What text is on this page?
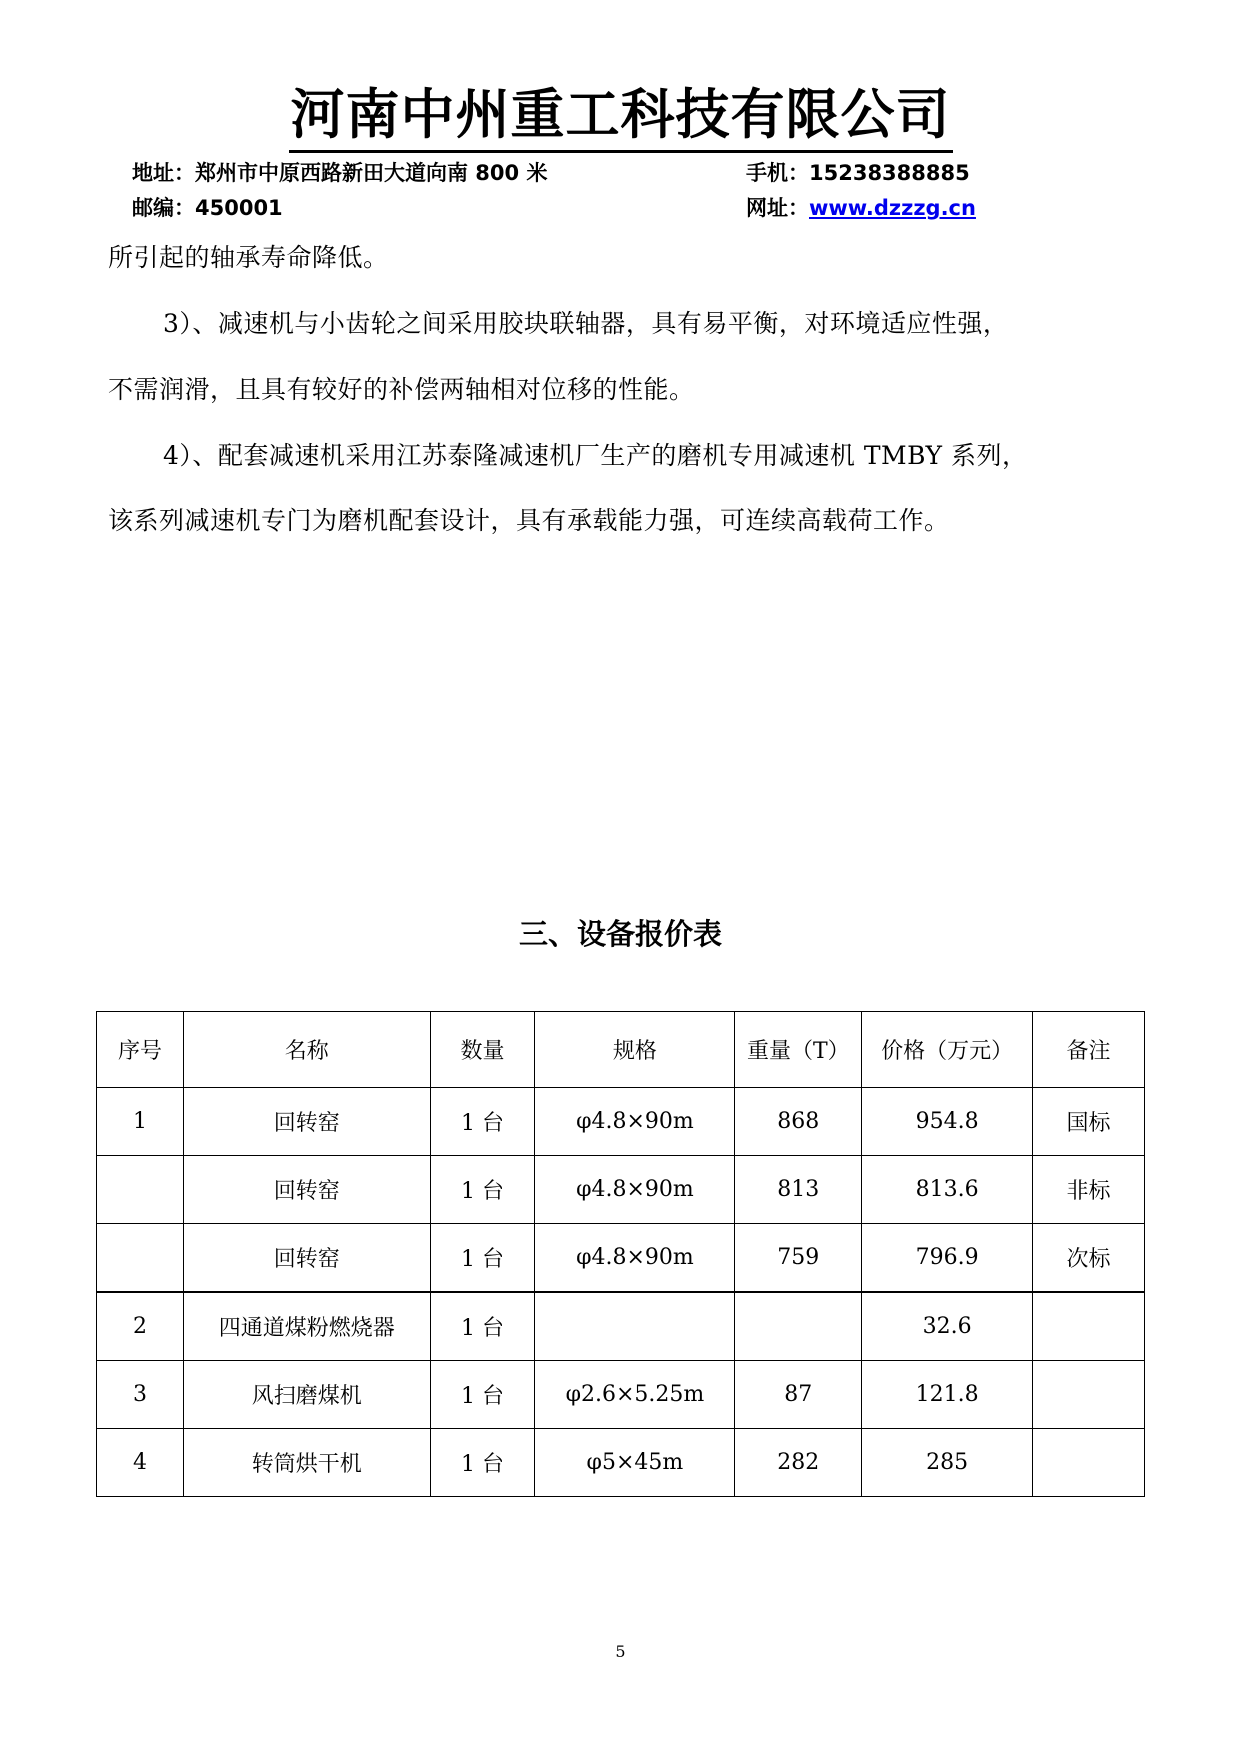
河南中州重工科技有限公司
地址：郑州市中原西路新田大道向南 800 米	手机：15238388885
邮编：450001	网址：www.dzzzg.cn
所引起的轴承寿命降低。
3）、减速机与小齿轮之间采用胶块联轴器，具有易平衡，对环境适应性强，
不需润滑，且具有较好的补偿两轴相对位移的性能。
4）、配套减速机采用江苏泰隆减速机厂生产的磨机专用减速机 TMBY 系列，
该系列减速机专门为磨机配套设计，具有承载能力强，可连续高载荷工作。
三、设备报价表
序号	名称	数量	规格	重量（T）	价格（万元）	备注
1	回转窑	1 台	φ4.8×90m	868	954.8	国标
	回转窑	1 台	φ4.8×90m	813	813.6	非标
	回转窑	1 台	φ4.8×90m	759	796.9	次标
2	四通道煤粉燃烧器	1 台			32.6	
3	风扫磨煤机	1 台	φ2.6×5.25m	87	121.8	
4	转筒烘干机	1 台	φ5×45m	282	285	
5
